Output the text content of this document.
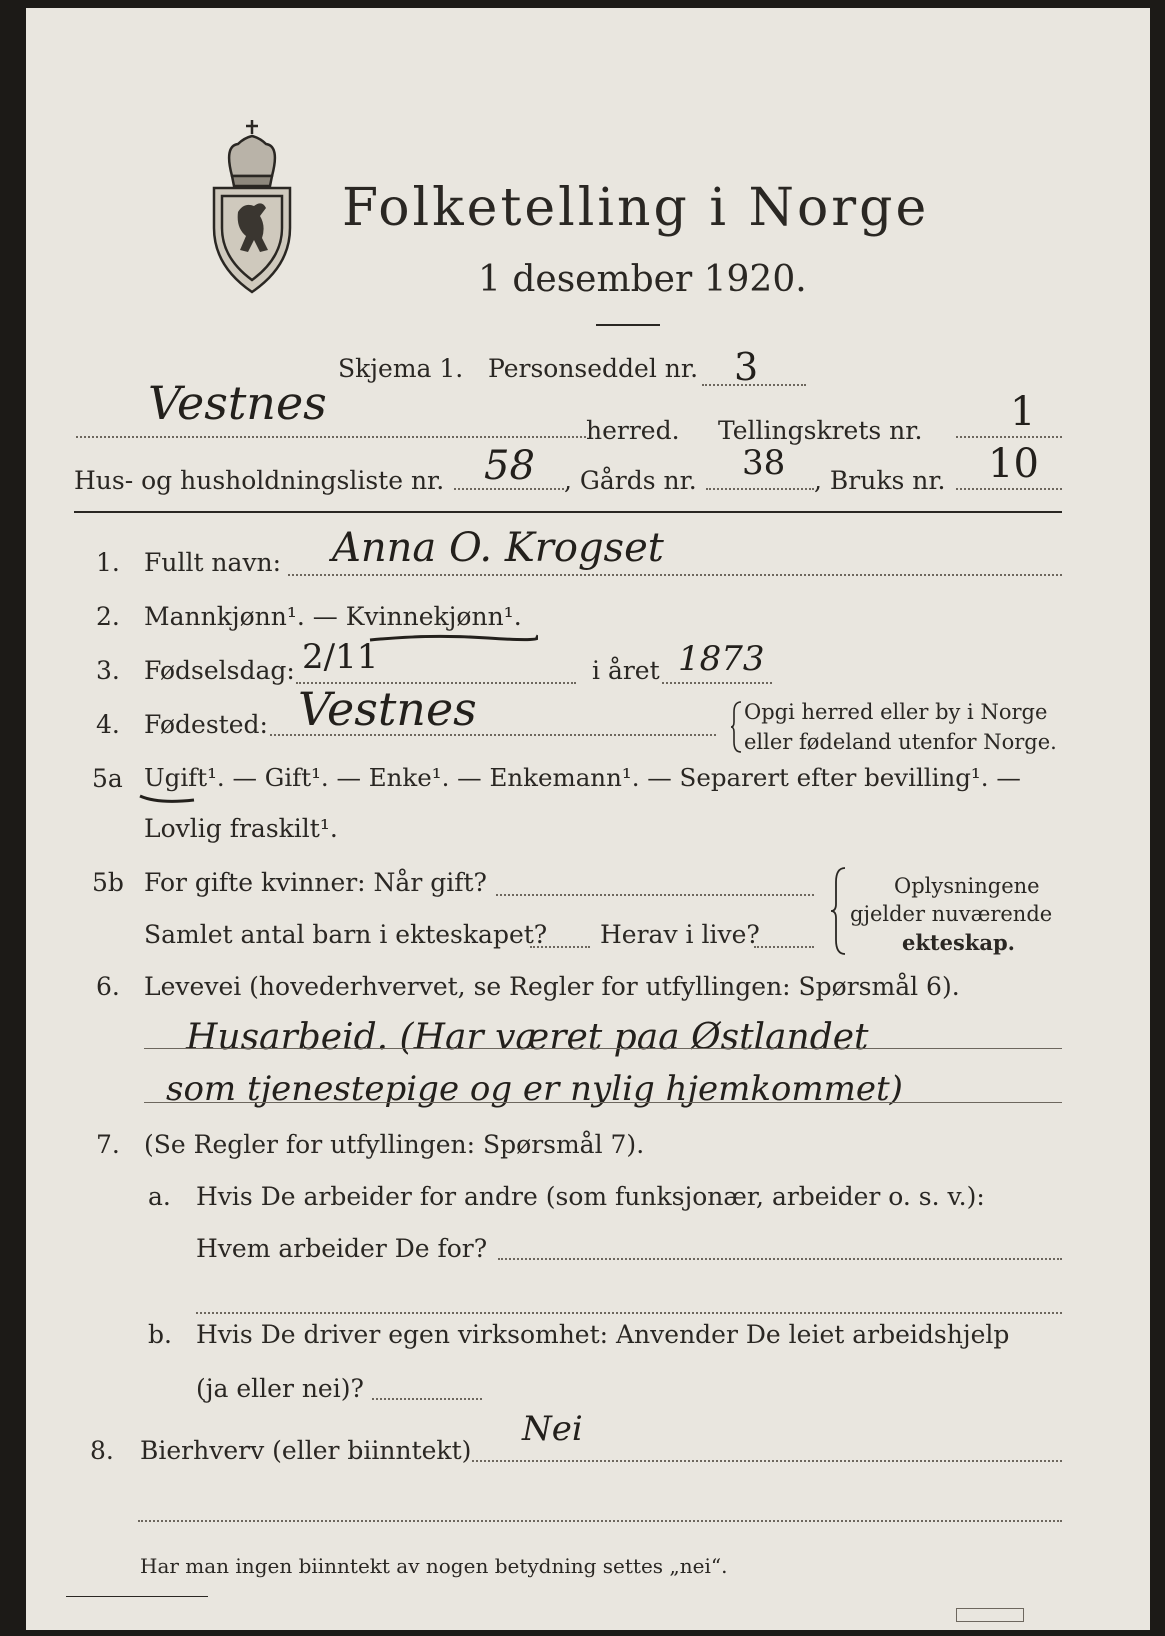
Folketelling i Norge
1 desember 1920.
Skjema 1. Personseddel nr. 3
Vestnes
herred. Tellingskrets nr. 1
Hus- og husholdningsliste nr. 58 , Gårds nr. 38 , Bruks nr. 10
1. Fullt navn: Anna O. Krogset
2. Mannkjønn¹. — Kvinnekjønn¹.
3. Fødselsdag: 2/11	i året 1873
4. Fødested: Vestnes	Opgi herred eller by i Norge
eller fødeland utenfor Norge.
5a Ugift¹. — Gift¹. — Enke¹. — Enkemann¹. — Separert efter bevilling¹. —
Lovlig fraskilt¹.
5b For gifte kvinner: Når gift?
Samlet antal barn i ekteskapet? Herav i live?
Oplysningene
gjelder nuværende
ekteskap.
6. Levevei (hovederhvervet, se Regler for utfyllingen: Spørsmål 6).
Husarbeid. (Har været paa Østlandet
som tjenestepige og er nylig hjemkommet)
7. (Se Regler for utfyllingen: Spørsmål 7).
a. Hvis De arbeider for andre (som funksjonær, arbeider o. s. v.):
Hvem arbeider De for?
b. Hvis De driver egen virksomhet: Anvender De leiet arbeidshjelp
(ja eller nei)?
8. Bierhverv (eller biinntekt)
Nei
Har man ingen biinntekt av nogen betydning settes „nei“.
